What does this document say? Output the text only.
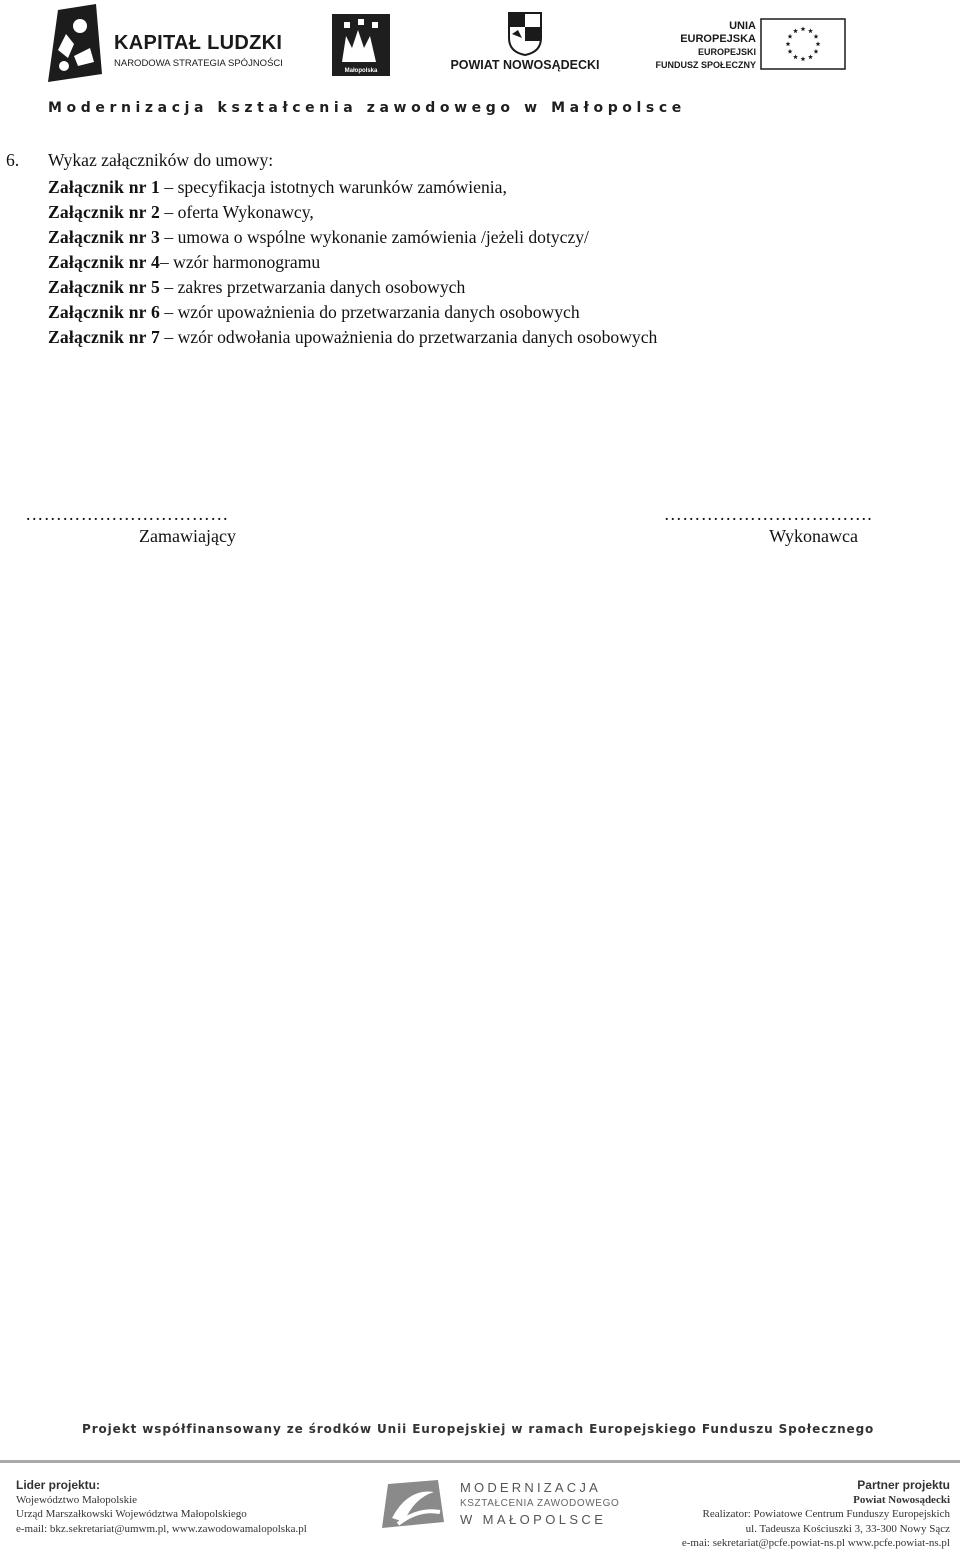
KAPITAŁ LUDZKI
NARODOWA STRATEGIA SPÓJNOŚCI
Małopolska	POWIAT NOWOSĄDECKI
UNIA EUROPEJSKA
EUROPEJSKI
FUNDUSZ SPOŁECZNY
Modernizacja kształcenia zawodowego w Małopolsce
6. Wykaz załączników do umowy:
Załącznik nr 1 – specyfikacja istotnych warunków zamówienia,
Załącznik nr 2 – oferta Wykonawcy,
Załącznik nr 3 – umowa o wspólne wykonanie zamówienia /jeżeli dotyczy/
Załącznik nr 4– wzór harmonogramu
Załącznik nr 5 – zakres przetwarzania danych osobowych
Załącznik nr 6 – wzór upoważnienia do przetwarzania danych osobowych
Załącznik nr 7 – wzór odwołania upoważnienia do przetwarzania danych osobowych
……………………………
Zamawiający
…………………………….
Wykonawca
Projekt współfinansowany ze środków Unii Europejskiej w ramach Europejskiego Funduszu Społecznego
Lider projektu:
Województwo Małopolskie
Urząd Marszałkowski Województwa Małopolskiego
e-mail: bkz.sekretariat@umwm.pl, www.zawodowamalopolska.pl
MODERNIZACJA
KSZTAŁCENIA ZAWODOWEGO
W MAŁOPOLSCE
Partner projektu
Powiat Nowosądecki
Realizator: Powiatowe Centrum Funduszy Europejskich
ul. Tadeusza Kościuszki 3, 33-300 Nowy Sącz
e-mai: sekretariat@pcfe.powiat-ns.pl www.pcfe.powiat-ns.pl
